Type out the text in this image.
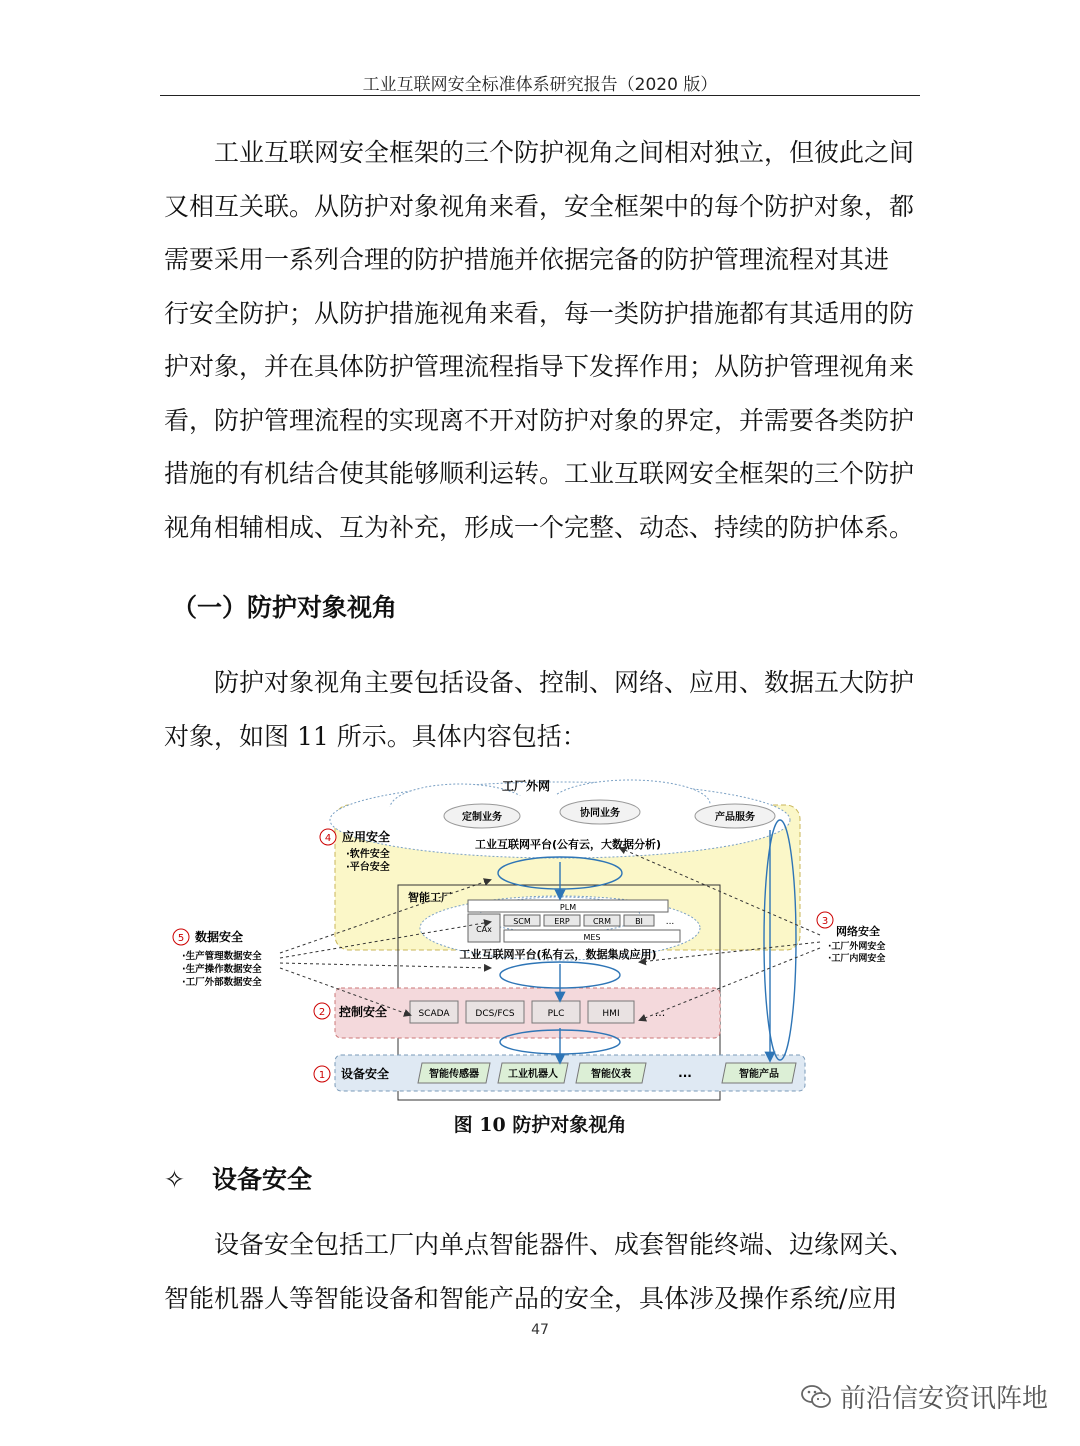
工业互联网安全标准体系研究报告（2020 版）
　　工业互联网安全框架的三个防护视角之间相对独立，但彼此之间
又相互关联。从防护对象视角来看，安全框架中的每个防护对象，都
需要采用一系列合理的防护措施并依据完备的防护管理流程对其进
行安全防护；从防护措施视角来看，每一类防护措施都有其适用的防
护对象，并在具体防护管理流程指导下发挥作用；从防护管理视角来
看，防护管理流程的实现离不开对防护对象的界定，并需要各类防护
措施的有机结合使其能够顺利运转。工业互联网安全框架的三个防护
视角相辅相成、互为补充，形成一个完整、动态、持续的防护体系。
（一）防护对象视角
　　防护对象视角主要包括设备、控制、网络、应用、数据五大防护
对象，如图 11 所示。具体内容包括：
工厂外网
定制业务	协同业务	产品服务
工业互联网平台(公有云，大数据分析)
智能工厂
PLM
CAx
SCM	ERP	CRM	BI	...
MES
工业互联网平台(私有云，数据集成应用)
SCADA	DCS/FCS	PLC	HMI	...
智能传感器	工业机器人	智能仪表	...	智能产品
4 应用安全
·软件安全
·平台安全
5 数据安全
·生产管理数据安全
·生产操作数据安全
·工厂外部数据安全
3
网络安全
·工厂外网安全
·工厂内网安全
2 控制安全
1 设备安全
图 10 防护对象视角
✧ 设备安全
　　设备安全包括工厂内单点智能器件、成套智能终端、边缘网关、
智能机器人等智能设备和智能产品的安全，具体涉及操作系统/应用
47
前沿信安资讯阵地
